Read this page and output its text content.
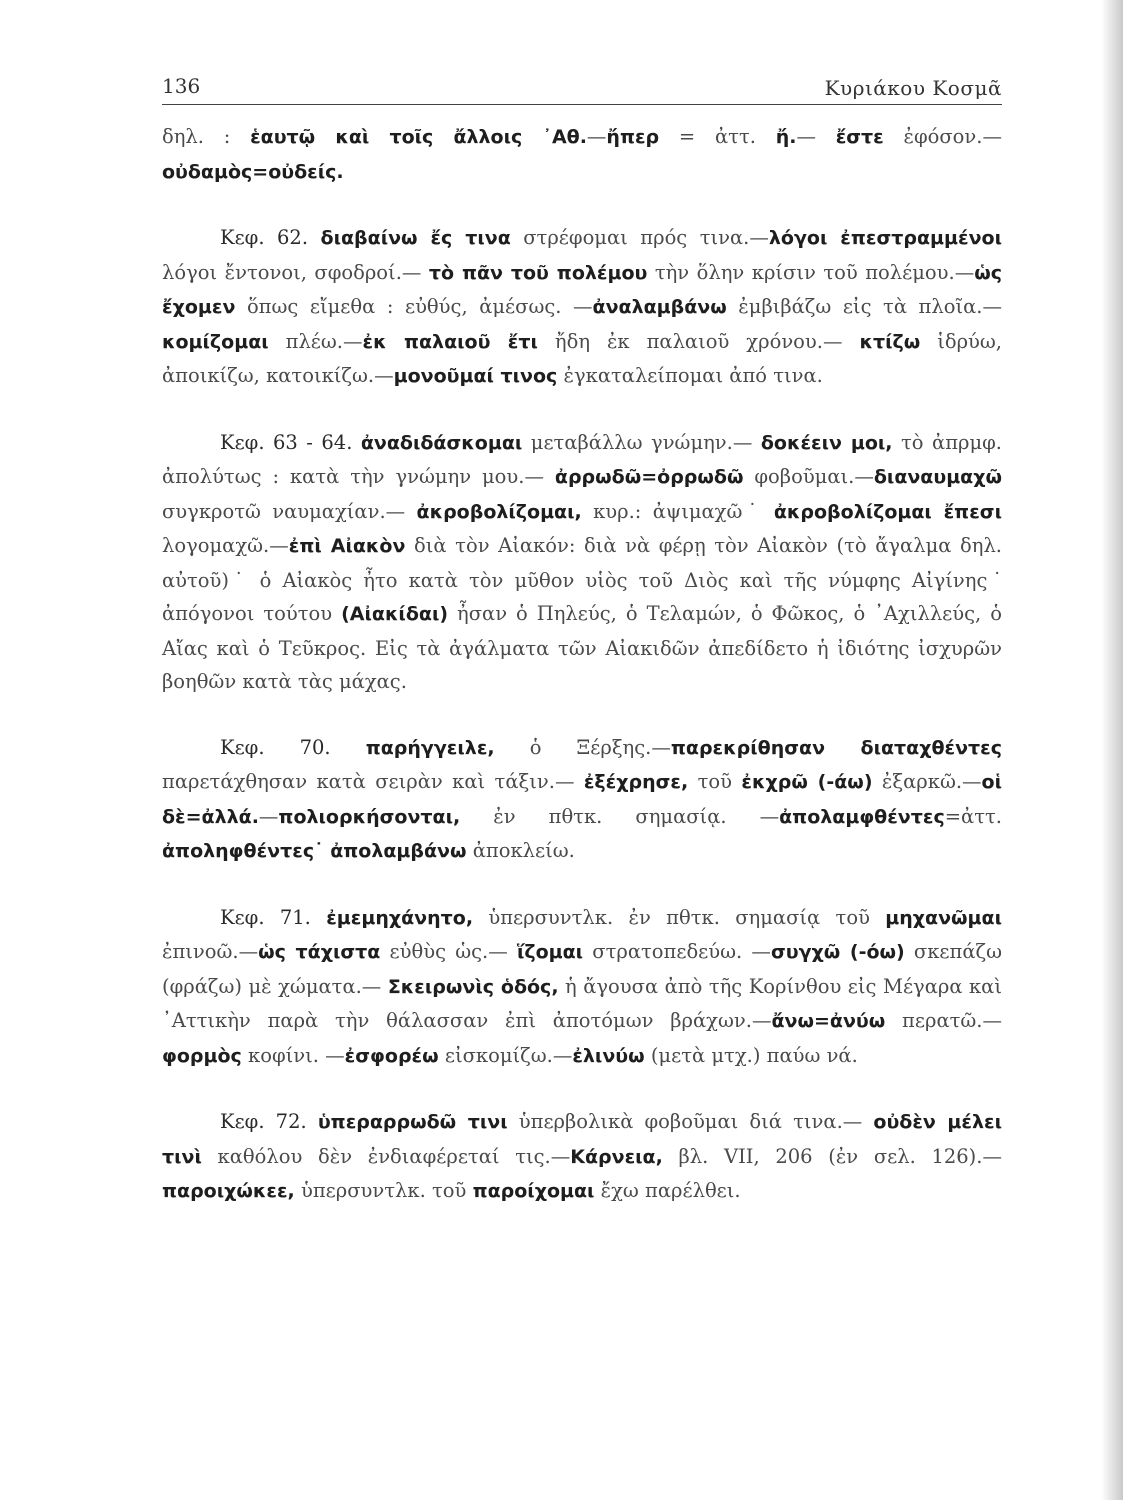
136	Κυριάκου Κοσμᾶ

δηλ. : ἑαυτῷ καὶ τοῖς ἄλλοις ᾿Αθ.—ἤπερ = ἀττ. ἤ.— ἔστε ἐφόσον.—οὐδαμὸς=οὐδείς.

Κεφ. 62. διαβαίνω ἔς τινα στρέφομαι πρός τινα.—λόγοι ἐπεστραμμένοι λόγοι ἔντονοι, σφοδροί.— τὸ πᾶν τοῦ πολέμου τὴν ὅλην κρίσιν τοῦ πολέμου.—ὡς ἔχομεν ὅπως εἴμεθα : εὐθύς, ἀμέσως. —ἀναλαμβάνω ἐμβιβάζω εἰς τὰ πλοῖα.—κομίζομαι πλέω.—ἐκ παλαιοῦ ἔτι ἤδη ἐκ παλαιοῦ χρόνου.— κτίζω ἱδρύω, ἀποικίζω, κατοικίζω.—μονοῦμαί τινος ἐγκαταλείπομαι ἀπό τινα.

Κεφ. 63 - 64. ἀναδιδάσκομαι μεταβάλλω γνώμην.— δοκέειν μοι, τὸ ἀπρμφ. ἀπολύτως : κατὰ τὴν γνώμην μου.— ἀρρωδῶ=ὀρρωδῶ φοβοῦμαι.—διαναυμαχῶ συγκροτῶ ναυμαχίαν.— ἀκροβολίζομαι, κυρ.: ἀψιμαχῶ˙ ἀκροβολίζομαι ἔπεσι λογομαχῶ.—ἐπὶ Αἰακὸν διὰ τὸν Αἰακόν: διὰ νὰ φέρῃ τὸν Αἰακὸν (τὸ ἄγαλμα δηλ. αὐτοῦ)˙ ὁ Αἰακὸς ἦτο κατὰ τὸν μῦθον υἱὸς τοῦ Διὸς καὶ τῆς νύμφης Αἰγίνης˙ ἀπόγονοι τούτου (Αἰακίδαι) ἦσαν ὁ Πηλεύς, ὁ Τελαμών, ὁ Φῶκος, ὁ ᾿Αχιλλεύς, ὁ Αἴας καὶ ὁ Τεῦκρος. Εἰς τὰ ἀγάλματα τῶν Αἰακιδῶν ἀπεδίδετο ἡ ἰδιότης ἰσχυρῶν βοηθῶν κατὰ τὰς μάχας.

Κεφ. 70. παρήγγειλε, ὁ Ξέρξης.—παρεκρίθησαν διαταχθέντες παρετάχθησαν κατὰ σειρὰν καὶ τάξιν.— ἐξέχρησε, τοῦ ἐκχρῶ (-άω) ἐξαρκῶ.—οἱ δὲ=ἀλλά.—πολιορκήσονται, ἐν πθτκ. σημασίᾳ. —ἀπολαμφθέντες=ἀττ. ἀποληφθέντες˙ ἀπολαμβάνω ἀποκλείω.

Κεφ. 71. ἐμεμηχάνητο, ὑπερσυντλκ. ἐν πθτκ. σημασίᾳ τοῦ μηχανῶμαι ἐπινοῶ.—ὡς τάχιστα εὐθὺς ὡς.— ἵζομαι στρατοπεδεύω. —συγχῶ (-όω) σκεπάζω (φράζω) μὲ χώματα.— Σκειρωνὶς ὁδός, ἡ ἄγουσα ἀπὸ τῆς Κορίνθου εἰς Μέγαρα καὶ ᾿Αττικὴν παρὰ τὴν θάλασσαν ἐπὶ ἀποτόμων βράχων.—ἄνω=ἀνύω περατῶ.—φορμὸς κοφίνι. —ἐσφορέω εἰσκομίζω.—ἐλινύω (μετὰ μτχ.) παύω νά.

Κεφ. 72. ὑπεραρρωδῶ τινι ὑπερβολικὰ φοβοῦμαι διά τινα.— οὐδὲν μέλει τινὶ καθόλου δὲν ἐνδιαφέρεταί τις.—Κάρνεια, βλ. VII, 206 (ἐν σελ. 126).— παροιχώκεε, ὑπερσυντλκ. τοῦ παροίχομαι ἔχω παρέλθει.
